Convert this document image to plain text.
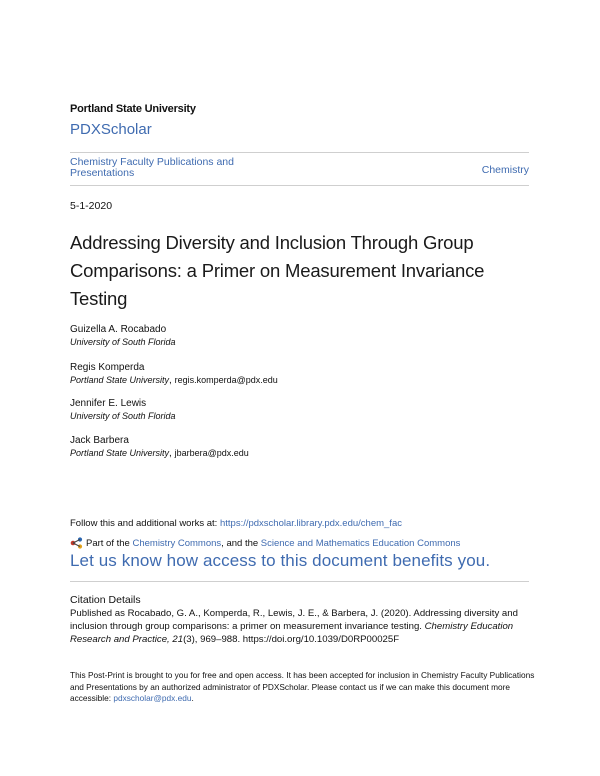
Portland State University
PDXScholar
Chemistry Faculty Publications and Presentations	Chemistry
5-1-2020
Addressing Diversity and Inclusion Through Group Comparisons: a Primer on Measurement Invariance Testing
Guizella A. Rocabado
University of South Florida
Regis Komperda
Portland State University, regis.komperda@pdx.edu
Jennifer E. Lewis
University of South Florida
Jack Barbera
Portland State University, jbarbera@pdx.edu
Follow this and additional works at: https://pdxscholar.library.pdx.edu/chem_fac
Part of the
Chemistry Commons , and the
Science and Mathematics Education Commons
Let us know how access to this document benefits you.
Citation Details
Published as Rocabado, G. A., Komperda, R., Lewis, J. E., & Barbera, J. (2020). Addressing diversity and inclusion through group comparisons: a primer on measurement invariance testing. Chemistry Education Research and Practice, 21(3), 969–988. https://doi.org/10.1039/D0RP00025F
This Post-Print is brought to you for free and open access. It has been accepted for inclusion in Chemistry Faculty Publications and Presentations by an authorized administrator of PDXScholar. Please contact us if we can make this document more accessible: pdxscholar@pdx.edu.
